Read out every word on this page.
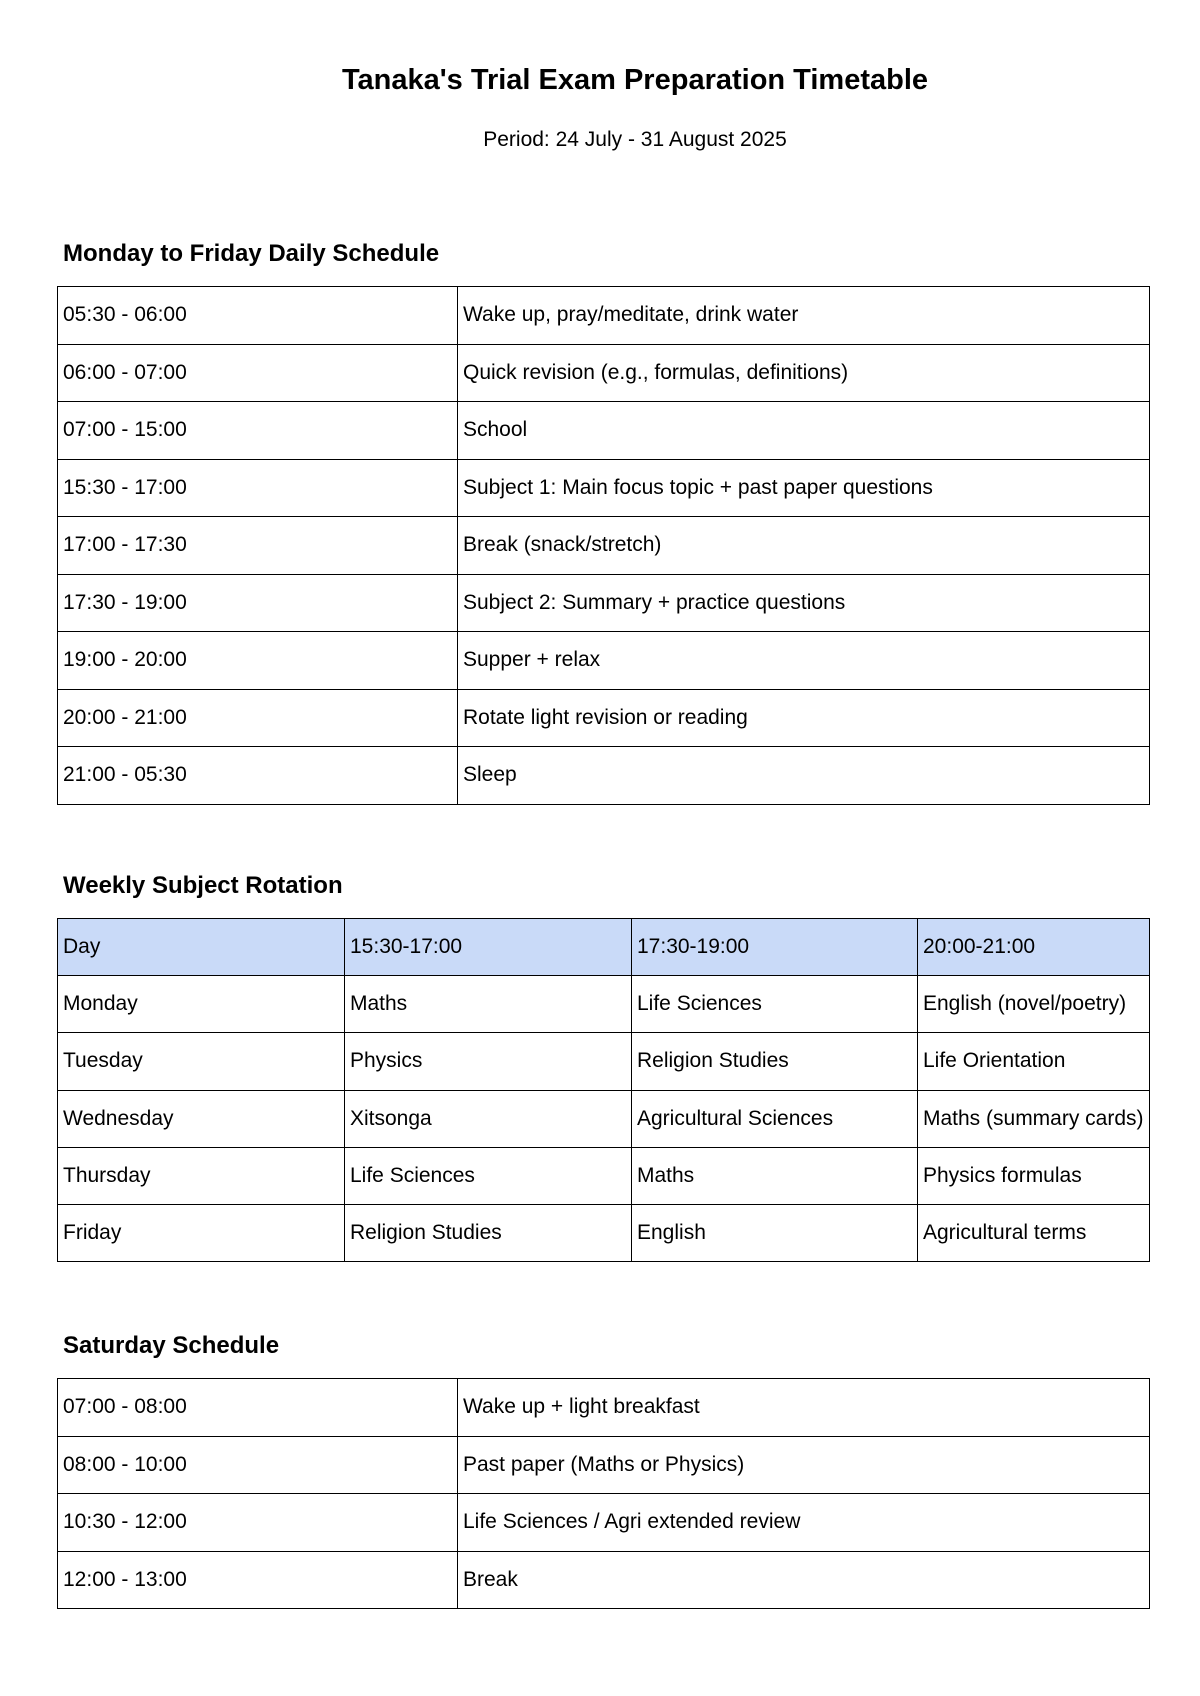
Tanaka's Trial Exam Preparation Timetable

Period: 24 July - 31 August 2025

Monday to Friday Daily Schedule
05:30 - 06:00	Wake up, pray/meditate, drink water
06:00 - 07:00	Quick revision (e.g., formulas, definitions)
07:00 - 15:00	School
15:30 - 17:00	Subject 1: Main focus topic + past paper questions
17:00 - 17:30	Break (snack/stretch)
17:30 - 19:00	Subject 2: Summary + practice questions
19:00 - 20:00	Supper + relax
20:00 - 21:00	Rotate light revision or reading
21:00 - 05:30	Sleep
Weekly Subject Rotation
Day	15:30-17:00	17:30-19:00	20:00-21:00
Monday	Maths	Life Sciences	English (novel/poetry)
Tuesday	Physics	Religion Studies	Life Orientation
Wednesday	Xitsonga	Agricultural Sciences	Maths (summary cards)
Thursday	Life Sciences	Maths	Physics formulas
Friday	Religion Studies	English	Agricultural terms
Saturday Schedule
07:00 - 08:00	Wake up + light breakfast
08:00 - 10:00	Past paper (Maths or Physics)
10:30 - 12:00	Life Sciences / Agri extended review
12:00 - 13:00	Break
